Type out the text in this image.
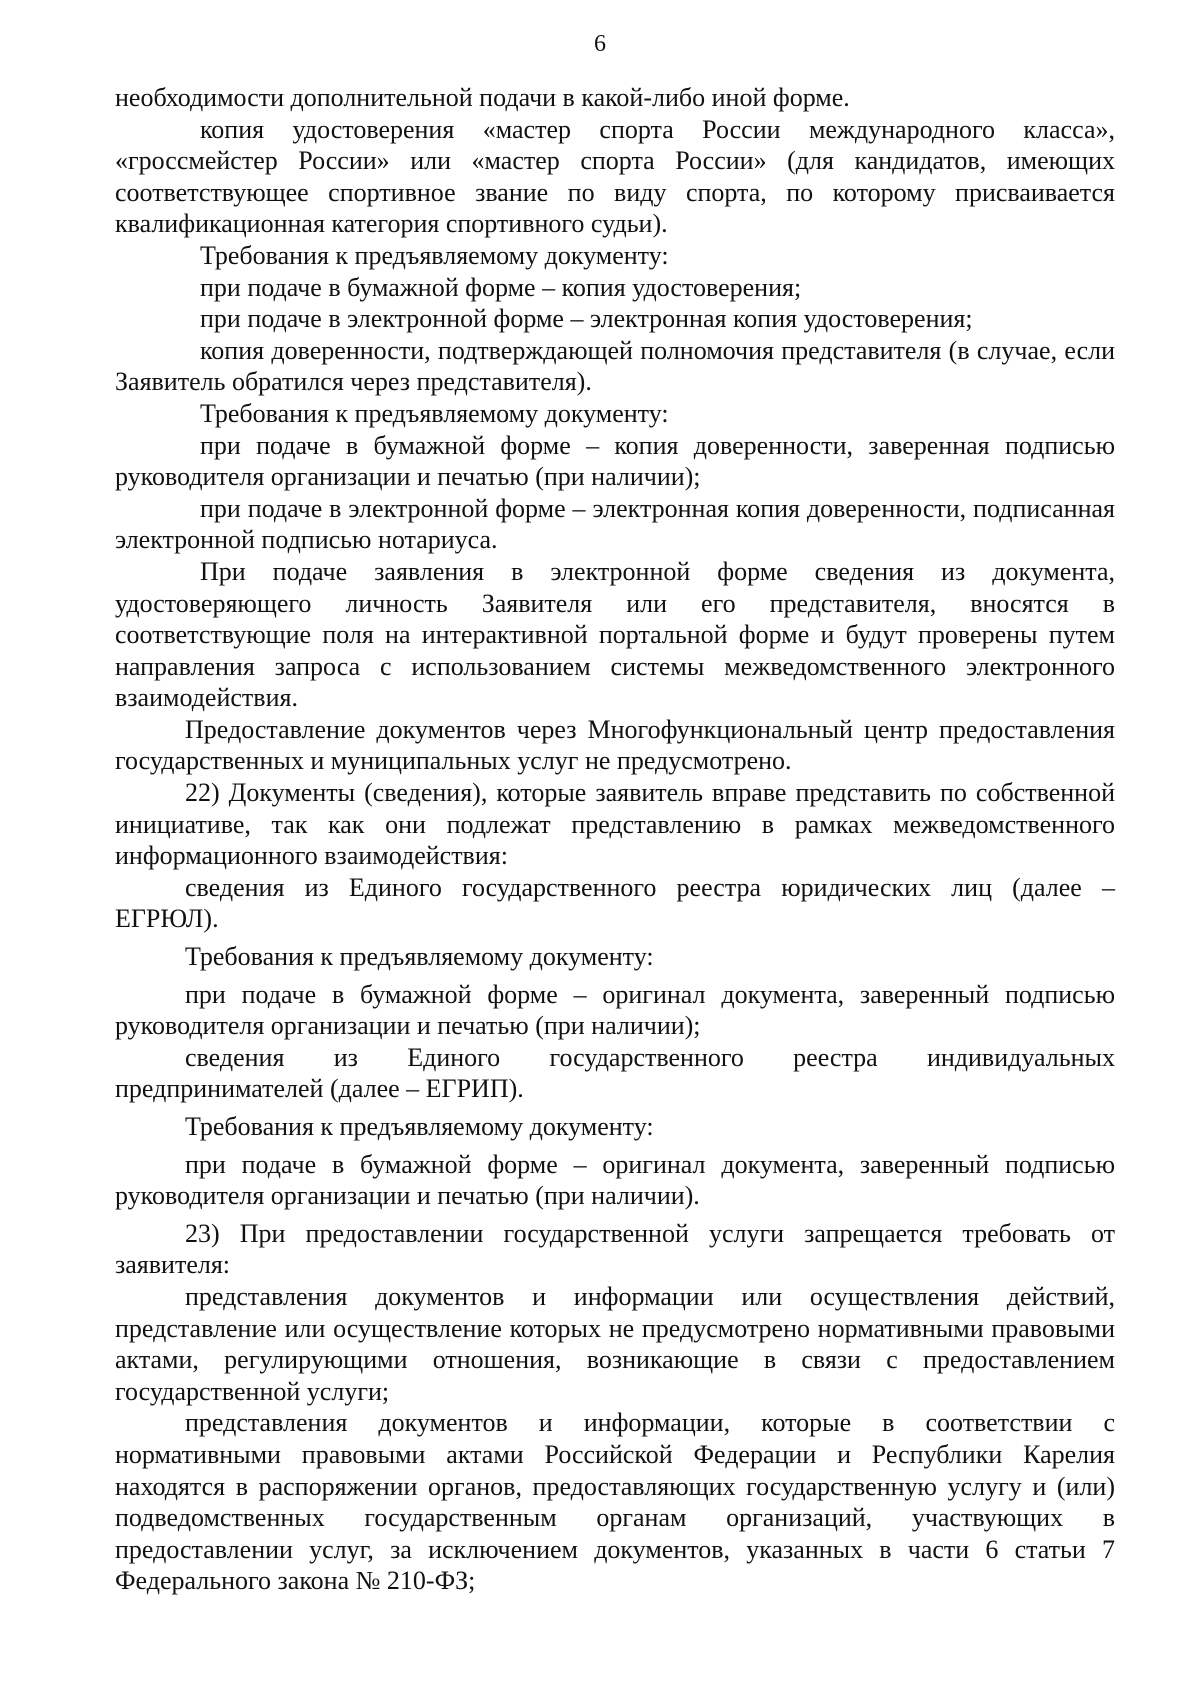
6

необходимости дополнительной подачи в какой-либо иной форме.

копия удостоверения «мастер спорта России международного класса», «гроссмейстер России» или «мастер спорта России» (для кандидатов, имеющих соответствующее спортивное звание по виду спорта, по которому присваивается квалификационная категория спортивного судьи).

Требования к предъявляемому документу:

при подаче в бумажной форме – копия удостоверения;

при подаче в электронной форме – электронная копия удостоверения;

копия доверенности, подтверждающей полномочия представителя (в случае, если Заявитель обратился через представителя).

Требования к предъявляемому документу:

при подаче в бумажной форме – копия доверенности, заверенная подписью руководителя организации и печатью (при наличии);

при подаче в электронной форме – электронная копия доверенности, подписанная электронной подписью нотариуса.

При подаче заявления в электронной форме сведения из документа, удостоверяющего личность Заявителя или его представителя, вносятся в соответствующие поля на интерактивной портальной форме и будут проверены путем направления запроса с использованием системы межведомственного электронного взаимодействия.

Предоставление документов через Многофункциональный центр предоставления государственных и муниципальных услуг не предусмотрено.

22) Документы (сведения), которые заявитель вправе представить по собственной инициативе, так как они подлежат представлению в рамках межведомственного информационного взаимодействия:

сведения из Единого государственного реестра юридических лиц (далее – ЕГРЮЛ).

Требования к предъявляемому документу:

при подаче в бумажной форме – оригинал документа, заверенный подписью руководителя организации и печатью (при наличии);

сведения из Единого государственного реестра индивидуальных предпринимателей (далее – ЕГРИП).

Требования к предъявляемому документу:

при подаче в бумажной форме – оригинал документа, заверенный подписью руководителя организации и печатью (при наличии).

23) При предоставлении государственной услуги запрещается требовать от заявителя:

представления документов и информации или осуществления действий, представление или осуществление которых не предусмотрено нормативными правовыми актами, регулирующими отношения, возникающие в связи с предоставлением государственной услуги;

представления документов и информации, которые в соответствии с нормативными правовыми актами Российской Федерации и Республики Карелия находятся в распоряжении органов, предоставляющих государственную услугу и (или) подведомственных государственным органам организаций, участвующих в предоставлении услуг, за исключением документов, указанных в части 6 статьи 7 Федерального закона № 210-ФЗ;
